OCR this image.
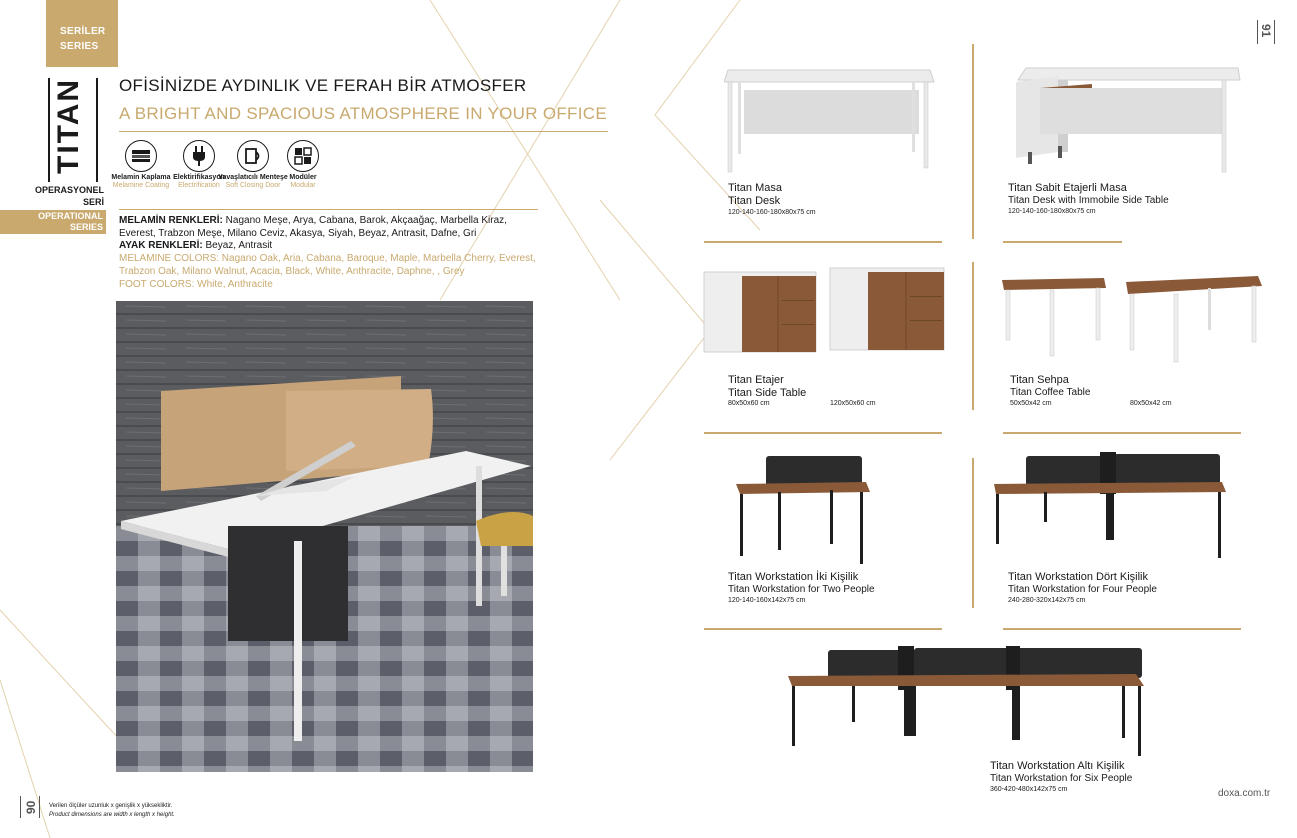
SERİLER
SERIES
TITAN
OPERASYONEL
SERİ
OPERATIONAL
SERIES
OFİSİNİZDE AYDINLIK VE FERAH BİR ATMOSFER
A BRIGHT AND SPACIOUS ATMOSPHERE IN YOUR OFFICE
Melamin Kaplama
Melamine Coating
Elektirifikasyon
Electrification
Yavaşlatıcılı Menteşe
Soft Closing Door
Modüler
Modular
MELAMİN RENKLERİ: Nagano Meşe, Arya, Cabana, Barok, Akçaağaç, Marbella Kiraz, Everest, Trabzon Meşe, Milano Ceviz, Akasya, Siyah, Beyaz, Antrasit, Dafne, Gri
AYAK RENKLERİ: Beyaz, Antrasit
MELAMINE COLORS: Nagano Oak, Aria, Cabana, Baroque, Maple, Marbella Cherry, Everest, Trabzon Oak, Milano Walnut, Acacia, Black, White, Anthracite, Daphne, , Grey
FOOT COLORS: White, Anthracite
90 Verilen ölçüler uzunluk x genişlik x yüksekliktir.
Product dimensions are width x length x height.
91
Titan Masa
Titan Desk
120-140-160-180x80x75 cm
Titan Sabit Etajerli Masa
Titan Desk with Immobile Side Table
120-140-160-180x80x75 cm
Titan Etajer
Titan Side Table
80x50x60 cm	120x50x60 cm
Titan Sehpa
Titan Coffee Table
50x50x42 cm	80x50x42 cm
Titan Workstation İki Kişilik
Titan Workstation for Two People
120-140-160x142x75 cm
Titan Workstation Dört Kişilik
Titan Workstation for Four People
240-280-320x142x75 cm
Titan Workstation Altı Kişilik
Titan Workstation for Six People
360-420-480x142x75 cm	doxa.com.tr
